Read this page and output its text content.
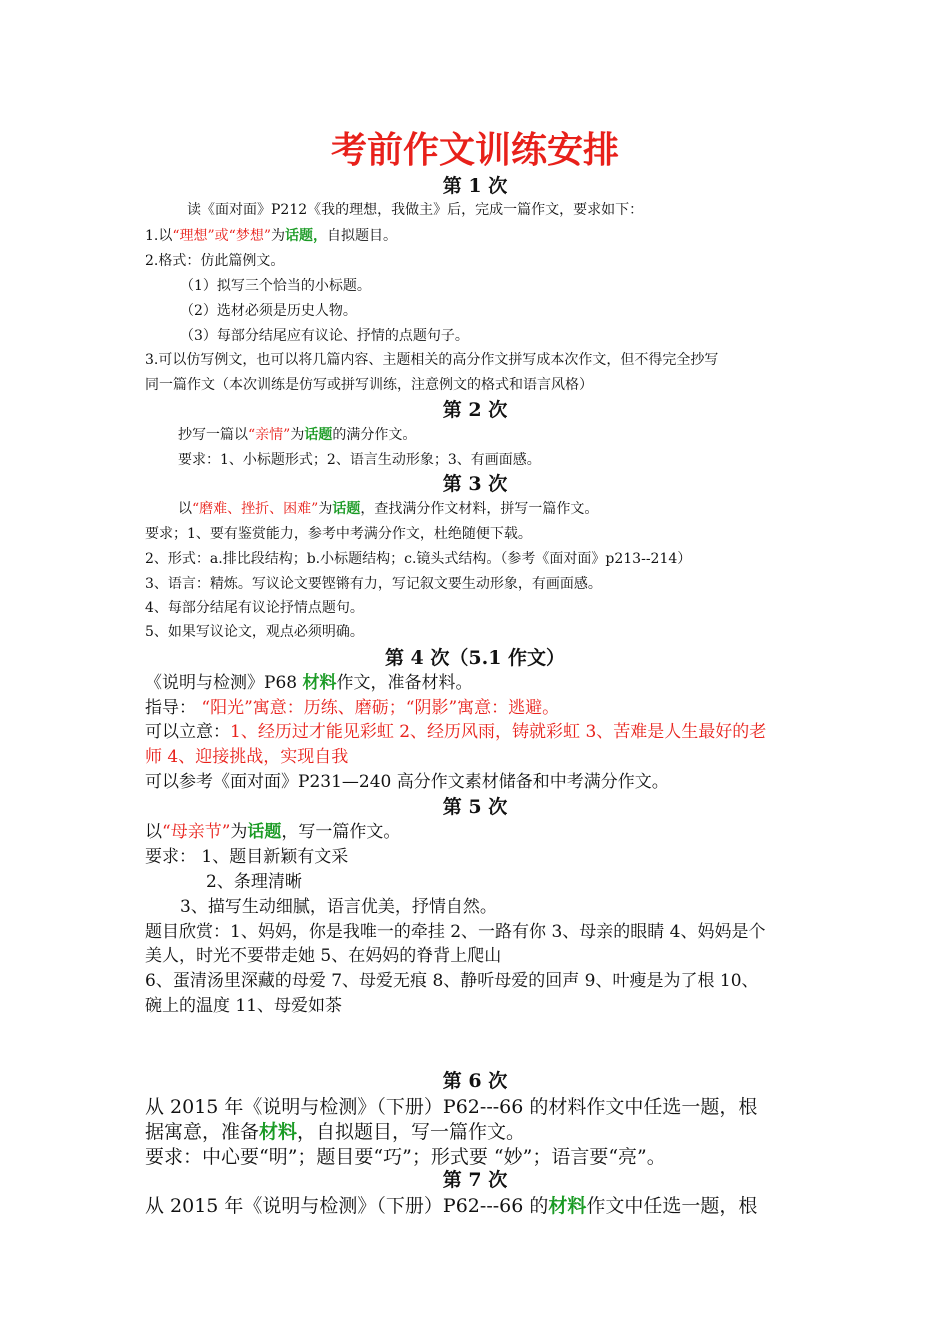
考前作文训练安排
第 1 次
读《面对面》P212《我的理想，我做主》后，完成一篇作文，要求如下：
1.以“理想”或“梦想”为话题，自拟题目。
2.格式：仿此篇例文。
（1）拟写三个恰当的小标题。
（2）选材必须是历史人物。
（3）每部分结尾应有议论、抒情的点题句子。
3.可以仿写例文，也可以将几篇内容、主题相关的高分作文拼写成本次作文，但不得完全抄写
同一篇作文（本次训练是仿写或拼写训练，注意例文的格式和语言风格）
第 2 次
抄写一篇以“亲情”为话题的满分作文。
要求：1、小标题形式；2、语言生动形象；3、有画面感。
第 3 次
以“磨难、挫折、困难”为话题，查找满分作文材料，拼写一篇作文。
要求；1、要有鉴赏能力，参考中考满分作文，杜绝随便下载。
2、形式：a.排比段结构；b.小标题结构；c.镜头式结构。（参考《面对面》p213--214）
3、语言：精炼。写议论文要铿锵有力，写记叙文要生动形象，有画面感。
4、每部分结尾有议论抒情点题句。
5、如果写议论文，观点必须明确。
第 4 次（5.1 作文）
《说明与检测》P68 材料作文，准备材料。
指导： “阳光”寓意：历练、磨砺；“阴影”寓意：逃避。
可以立意：1、经历过才能见彩虹 2、经历风雨，铸就彩虹 3、苦难是人生最好的老
师 4、迎接挑战，实现自我
可以参考《面对面》P231—240 高分作文素材储备和中考满分作文。
第 5 次
以“母亲节”为话题，写一篇作文。
要求： 1、题目新颖有文采
2、条理清晰
3、描写生动细腻，语言优美，抒情自然。
题目欣赏：1、妈妈，你是我唯一的牵挂 2、一路有你 3、母亲的眼睛 4、妈妈是个
美人，时光不要带走她 5、在妈妈的脊背上爬山
6、蛋清汤里深藏的母爱 7、母爱无痕 8、静听母爱的回声 9、叶瘦是为了根 10、
碗上的温度 11、母爱如茶
第 6 次
从 2015 年《说明与检测》（下册）P62---66 的材料作文中任选一题，根
据寓意，准备材料，自拟题目，写一篇作文。
要求：中心要“明”；题目要“巧”；形式要 “妙”；语言要“亮”。
第 7 次
从 2015 年《说明与检测》（下册）P62---66 的材料作文中任选一题，根
